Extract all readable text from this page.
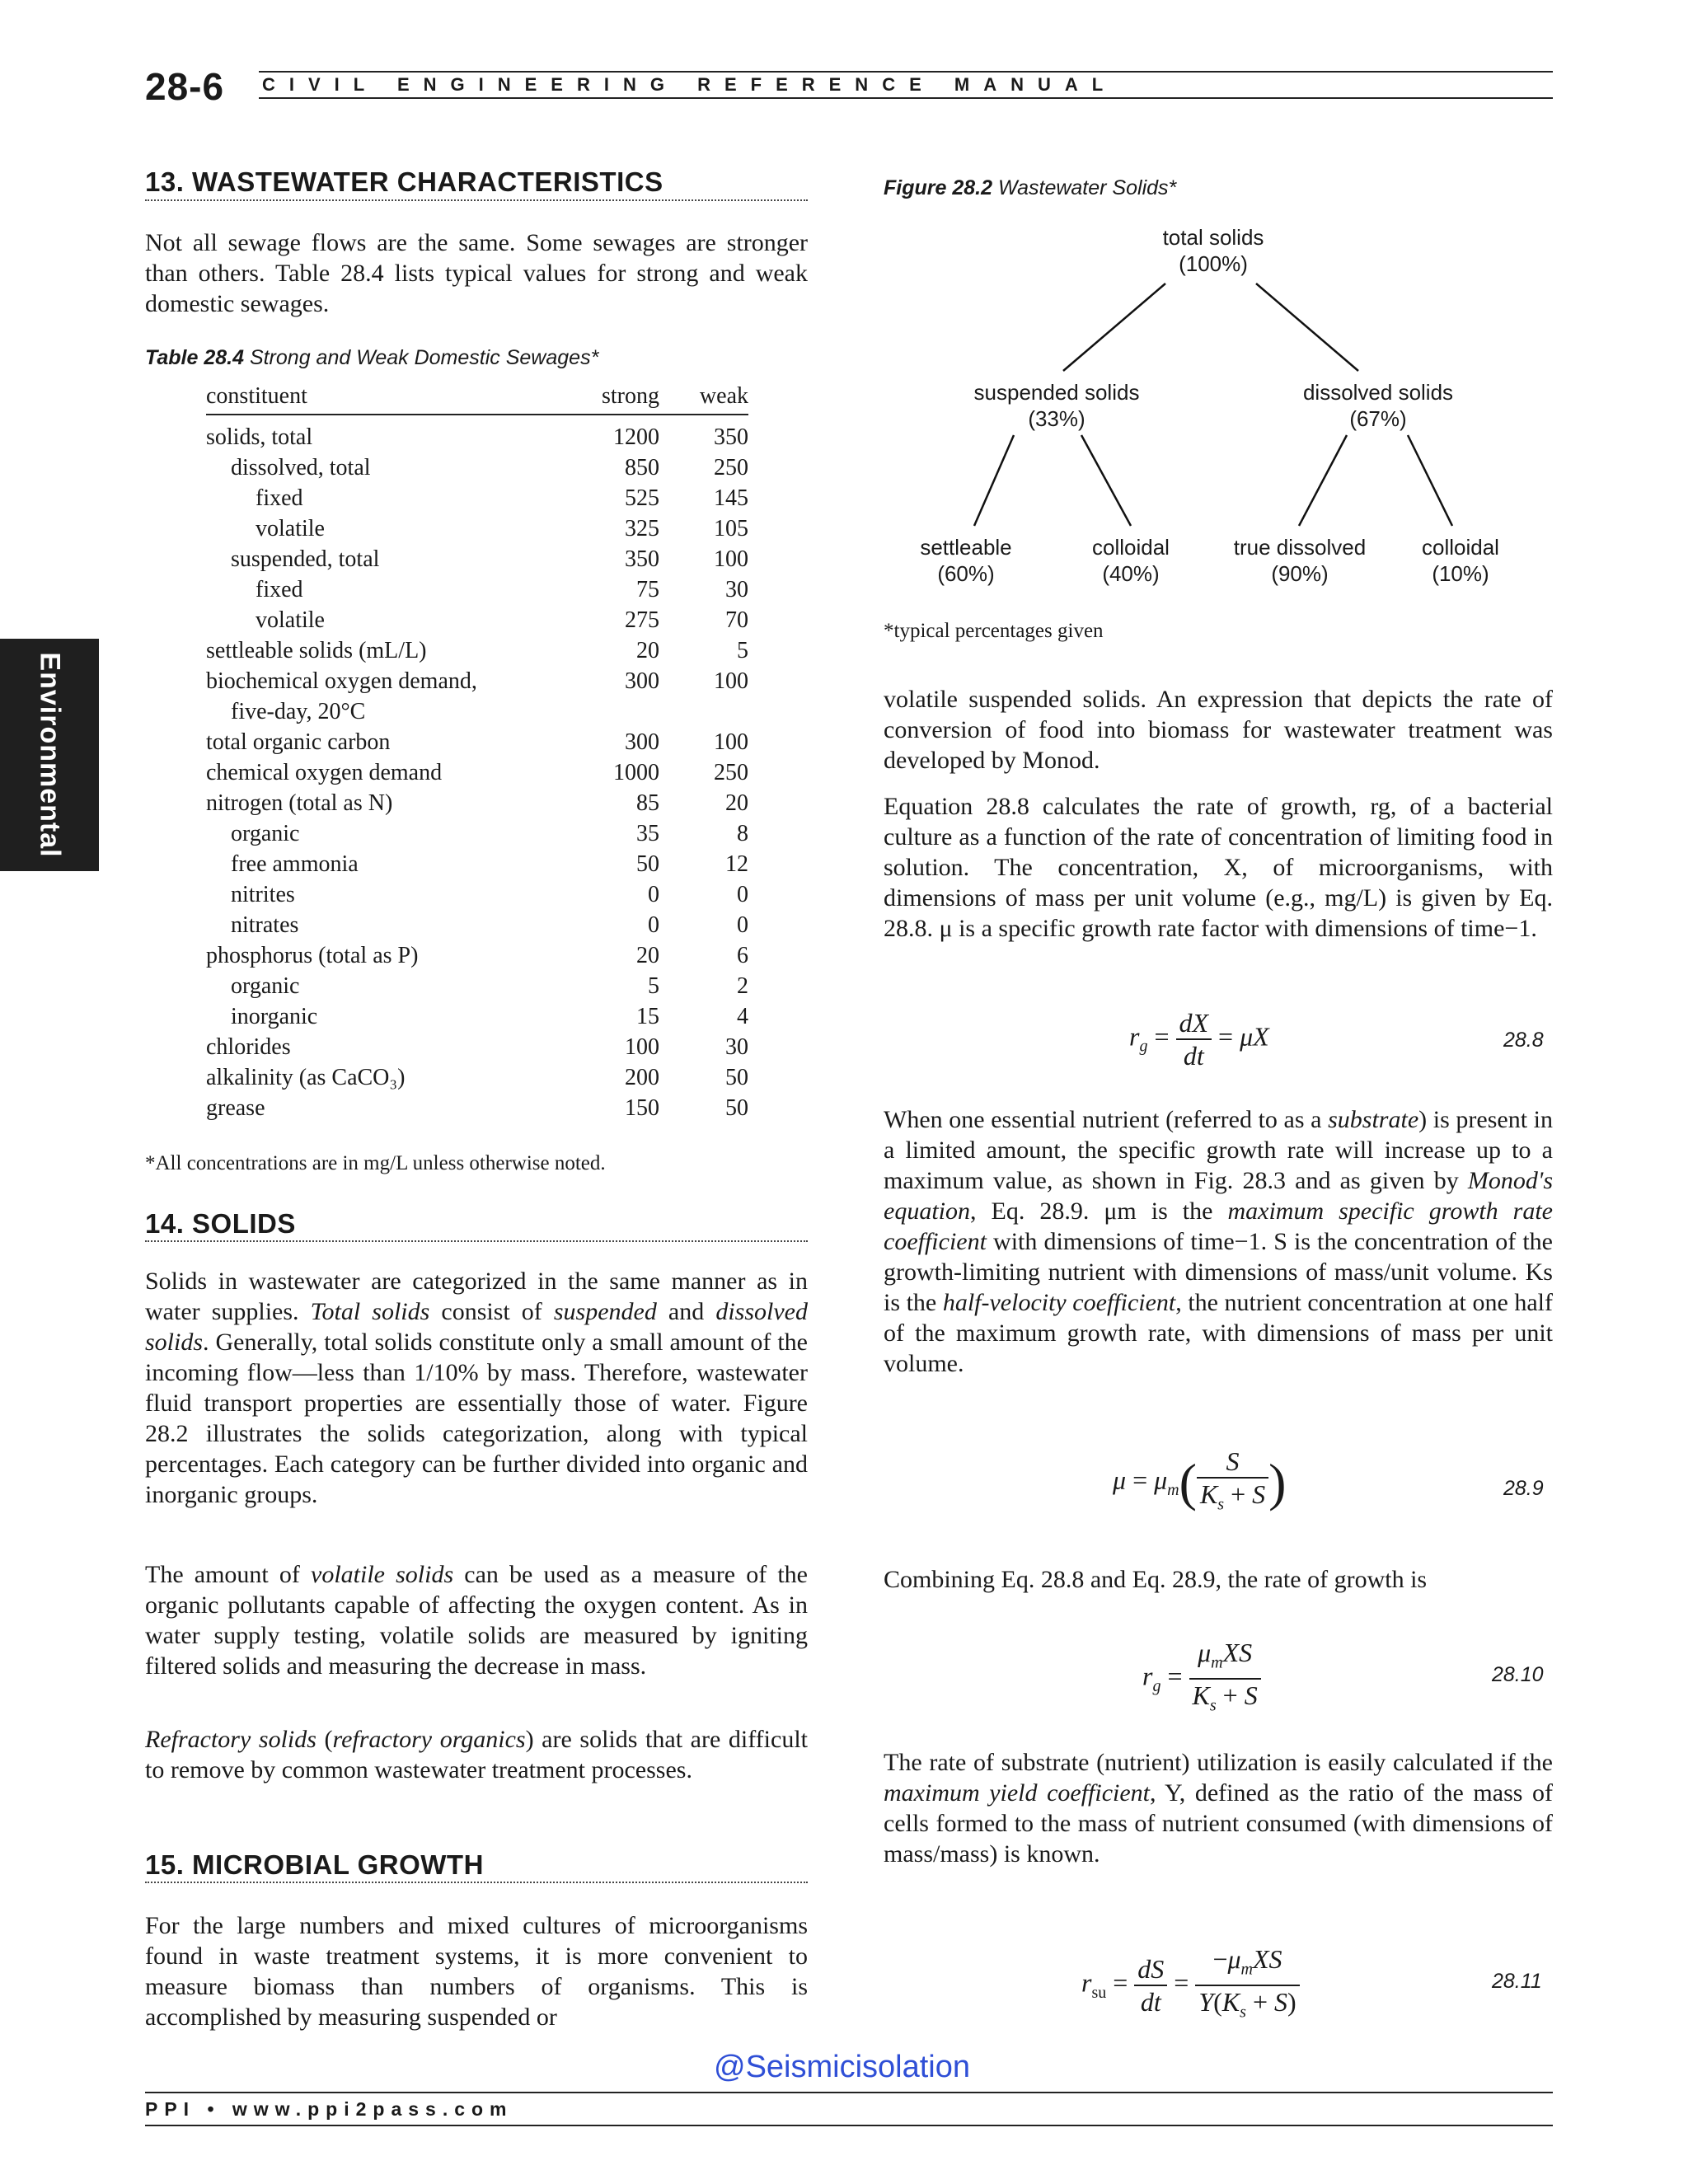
28-6 CIVIL ENGINEERING REFERENCE MANUAL
Environmental
13. WASTEWATER CHARACTERISTICS
Not all sewage flows are the same. Some sewages are stronger than others. Table 28.4 lists typical values for strong and weak domestic sewages.
Table 28.4 Strong and Weak Domestic Sewages*
constituent	strong	weak
solids, total	1200	350
dissolved, total	850	250
fixed	525	145
volatile	325	105
suspended, total	350	100
fixed	75	30
volatile	275	70
settleable solids (mL/L)	20	5
biochemical oxygen demand,	300	100
five-day, 20°C		
total organic carbon	300	100
chemical oxygen demand	1000	250
nitrogen (total as N)	85	20
organic	35	8
free ammonia	50	12
nitrites	0	0
nitrates	0	0
phosphorus (total as P)	20	6
organic	5	2
inorganic	15	4
chlorides	100	30
alkalinity (as CaCO₃)	200	50
grease	150	50
*All concentrations are in mg/L unless otherwise noted.
14. SOLIDS
Solids in wastewater are categorized in the same manner as in water supplies. Total solids consist of suspended and dissolved solids. Generally, total solids constitute only a small amount of the incoming flow—less than 1/10% by mass. Therefore, wastewater fluid transport properties are essentially those of water. Figure 28.2 illustrates the solids categorization, along with typical percentages. Each category can be further divided into organic and inorganic groups.
The amount of volatile solids can be used as a measure of the organic pollutants capable of affecting the oxygen content. As in water supply testing, volatile solids are measured by igniting filtered solids and measuring the decrease in mass.
Refractory solids (refractory organics) are solids that are difficult to remove by common wastewater treatment processes.
15. MICROBIAL GROWTH
For the large numbers and mixed cultures of microorganisms found in waste treatment systems, it is more convenient to measure biomass than numbers of organisms. This is accomplished by measuring suspended or
Figure 28.2 Wastewater Solids*
total solids
(100%)
suspended solids
(33%)
dissolved solids
(67%)
settleable
(60%)
colloidal
(40%)
true dissolved
(90%)
colloidal
(10%)
*typical percentages given
volatile suspended solids. An expression that depicts the rate of conversion of food into biomass for wastewater treatment was developed by Monod.
Equation 28.8 calculates the rate of growth, rg, of a bacterial culture as a function of the rate of concentration of limiting food in solution. The concentration, X, of microorganisms, with dimensions of mass per unit volume (e.g., mg/L) is given by Eq. 28.8. μ is a specific growth rate factor with dimensions of time−1.
$r_g = \frac{dX}{dt} = \mu X$	28.8
When one essential nutrient (referred to as a substrate) is present in a limited amount, the specific growth rate will increase up to a maximum value, as shown in Fig. 28.3 and as given by Monod's equation, Eq. 28.9. μm is the maximum specific growth rate coefficient with dimensions of time−1. S is the concentration of the growth-limiting nutrient with dimensions of mass/unit volume. Ks is the half-velocity coefficient, the nutrient concentration at one half of the maximum growth rate, with dimensions of mass per unit volume.
$\mu = \mu_m( \frac{S}{K_s + S}$ )	28.9
Combining Eq. 28.8 and Eq. 28.9, the rate of growth is
$r_g = \frac{\mu_mXS}{K_s + S}$	28.10
The rate of substrate (nutrient) utilization is easily calculated if the maximum yield coefficient, Y, defined as the ratio of the mass of cells formed to the mass of nutrient consumed (with dimensions of mass/mass) is known.
$r_{su} = \frac{dS}{dt} = \frac{-\mu_mXS}{Y(K_s + S)}$	28.11
@Seismicisolation
PPI • www.ppi2pass.com
